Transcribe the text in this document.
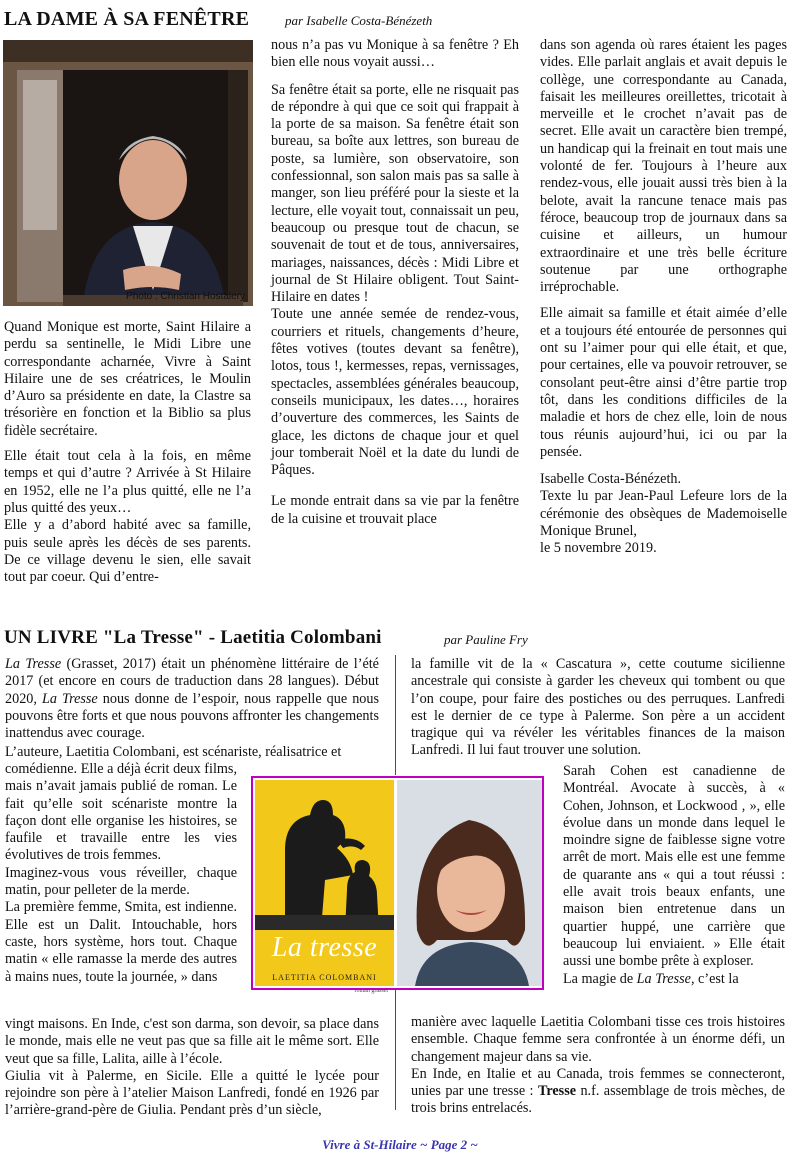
LA DAME À SA FENÊTRE	par Isabelle Costa-Bénézeth
Photo : Christian Hostalery

Quand Monique est morte, Saint Hilaire a perdu sa sentinelle, le Midi Libre une correspondante acharnée, Vivre à Saint Hilaire une de ses créatrices, le Moulin d’Auro sa présidente en date, la Clastre sa trésorière en fonction et la Biblio sa plus fidèle secrétaire.

Elle était tout cela à la fois, en même temps et qui d’autre ? Arrivée à St Hilaire en 1952, elle ne l’a plus quitté, elle ne l’a plus quitté des yeux…

Elle y a d’abord habité avec sa famille, puis seule après les décès de ses parents. De ce village devenu le sien, elle savait tout par coeur. Qui d’entre-

nous n’a pas vu Monique à sa fenêtre ? Eh bien elle nous voyait aussi…

Sa fenêtre était sa porte, elle ne risquait pas de répondre à qui que ce soit qui frappait à la porte de sa maison. Sa fenêtre était son bureau, sa boîte aux lettres, son bureau de poste, sa lumière, son observatoire, son confessionnal, son salon mais pas sa salle à manger, son lieu préféré pour la sieste et la lecture, elle voyait tout, connaissait un peu, beaucoup ou presque tout de chacun, se souvenait de tout et de tous, anniversaires, mariages, naissances, décès : Midi Libre et journal de St Hilaire obligent. Tout Saint-Hilaire en dates !

Toute une année semée de rendez-vous, courriers et rituels, changements d’heure, fêtes votives (toutes devant sa fenêtre), lotos, tous !, kermesses, repas, vernissages, spectacles, assemblées générales beaucoup, conseils municipaux, les dates…, horaires d’ouverture des commerces, les Saints de glace, les dictons de chaque jour et quel jour tomberait Noël et la date du lundi de Pâques.

Le monde entrait dans sa vie par la fenêtre de la cuisine et trouvait place

dans son agenda où rares étaient les pages vides. Elle parlait anglais et avait depuis le collège, une correspondante au Canada, faisait les meilleures oreillettes, tricotait à merveille et le crochet n’avait pas de secret. Elle avait un caractère bien trempé, un handicap qui la freinait en tout mais une volonté de fer. Toujours à l’heure aux rendez-vous, elle jouait aussi très bien à la belote, avait la rancune tenace mais pas féroce, beaucoup trop de journaux dans sa cuisine et ailleurs, un humour extraordinaire et une très belle écriture soutenue par une orthographe irréprochable.

Elle aimait sa famille et était aimée d’elle et a toujours été entourée de personnes qui ont su l’aimer pour qui elle était, et que, pour certaines, elle va pouvoir retrouver, se consolant peut-être ainsi d’être partie trop tôt, dans les conditions difficiles de la maladie et hors de chez elle, loin de nous tous réunis aujourd’hui, ici ou par la pensée.

Isabelle Costa-Bénézeth.

Texte lu par Jean-Paul Lefeure lors de la cérémonie des obsèques de Mademoiselle Monique Brunel,

le 5 novembre 2019.

UN LIVRE "La Tresse" - Laetitia Colombani	par Pauline Fry

La Tresse (Grasset, 2017) était un phénomène littéraire de l’été 2017 (et encore en cours de traduction dans 28 langues). Début 2020, La Tresse nous donne de l’espoir, nous rappelle que nous pouvons être forts et que nous pouvons affronter les changements inattendus avec courage.

L’auteure, Laetitia Colombani, est scénariste, réalisatrice et

comédienne. Elle a déjà écrit deux films, mais n’avait jamais publié de roman. Le fait qu’elle soit scénariste montre la façon dont elle organise les histoires, se faufile et travaille entre les vies évolutives de trois femmes.

Imaginez-vous vous réveiller, chaque matin, pour pelleter de la merde.

La première femme, Smita, est indienne. Elle est un Dalit. Intouchable, hors caste, hors système, hors tout. Chaque matin « elle ramasse la merde des autres à mains nues, toute la journée, » dans

vingt maisons. En Inde, c'est son darma, son devoir, sa place dans le monde, mais elle ne veut pas que sa fille ait le même sort. Elle veut que sa fille, Lalita, aille à l’école.

Giulia vit à Palerme, en Sicile. Elle a quitté le lycée pour rejoindre son père à l’atelier Maison Lanfredi, fondé en 1926 par l’arrière-grand-père de Giulia. Pendant près d’un siècle,

La tresse
LAETITIA COLOMBANI
roman grasset

la famille vit de la « Cascatura », cette coutume sicilienne ancestrale qui consiste à garder les cheveux qui tombent ou que l’on coupe, pour faire des postiches ou des perruques. Lanfredi est le dernier de ce type à Palerme. Son père a un accident tragique qui va révéler les véritables finances de la maison Lanfredi. Il lui faut trouver une solution.

Sarah Cohen est canadienne de Montréal. Avocate à succès, à « Cohen, Johnson, et Lockwood , », elle évolue dans un monde dans lequel le moindre signe de faiblesse signe votre arrêt de mort. Mais elle est une femme de quarante ans « qui a tout réussi : elle avait trois beaux enfants, une maison bien entretenue dans un quartier huppé, une carrière que beaucoup lui enviaient. » Elle était aussi une bombe prête à exploser.

La magie de La Tresse, c’est la

manière avec laquelle Laetitia Colombani tisse ces trois histoires ensemble. Chaque femme sera confrontée à un énorme défi, un changement majeur dans sa vie.

En Inde, en Italie et au Canada, trois femmes se connecteront, unies par une tresse : Tresse n.f. assemblage de trois mèches, de trois brins entrelacés.

Vivre à St-Hilaire ~ Page 2 ~
